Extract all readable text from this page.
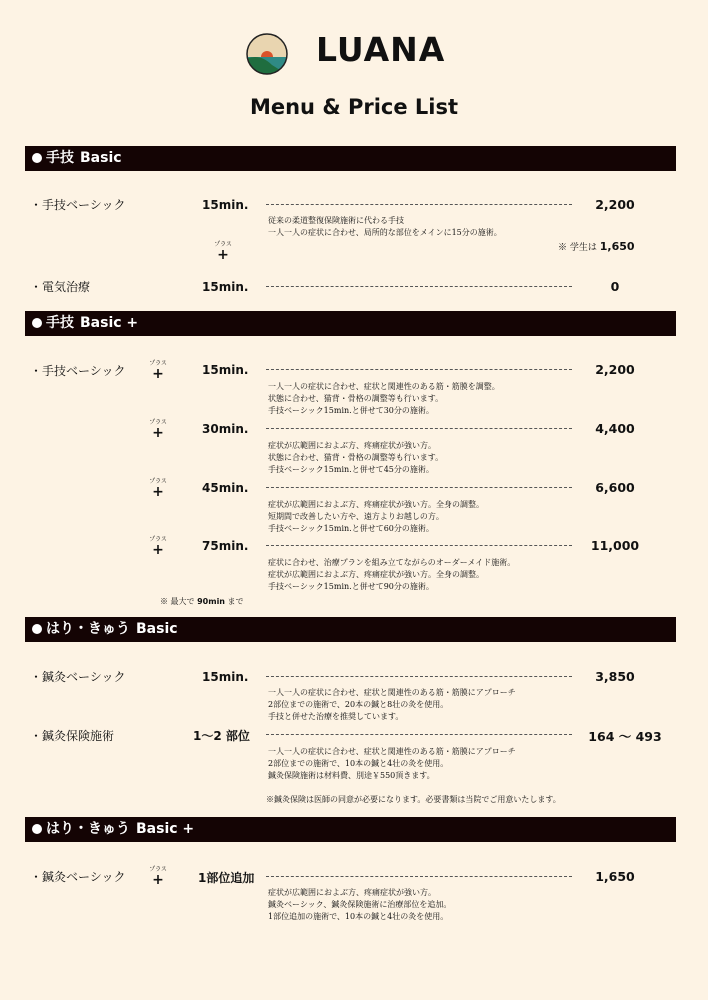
LUANA
Menu & Price List
手技 Basic
・手技ベーシック	15min.	2,200
従来の柔道整復保険施術に代わる手技
一人一人の症状に合わせ、局所的な部位をメインに15分の施術。
プラス
+	※ 学生は 1,650
・電気治療	15min.	0
手技 Basic +
・手技ベーシック
プラス
+	15min.	2,200
一人一人の症状に合わせ、症状と関連性のある筋・筋膜を調整。
状態に合わせ、猫背・骨格の調整等も行います。
手技ベーシック15min.と併せて30分の施術。
プラス
+	30min.	4,400
症状が広範囲におよぶ方、疼痛症状が強い方。
状態に合わせ、猫背・骨格の調整等も行います。
手技ベーシック15min.と併せて45分の施術。
プラス
+	45min.	6,600
症状が広範囲におよぶ方、疼痛症状が強い方。全身の調整。
短期間で改善したい方や、遠方よりお越しの方。
手技ベーシック15min.と併せて60分の施術。
プラス
+	75min.	11,000
症状に合わせ、治療プランを組み立てながらのオーダーメイド施術。
症状が広範囲におよぶ方、疼痛症状が強い方。全身の調整。
手技ベーシック15min.と併せて90分の施術。
※ 最大で 90min まで
はり・きゅう Basic
・鍼灸ベーシック	15min.	3,850
一人一人の症状に合わせ、症状と関連性のある筋・筋膜にアプローチ
2部位までの施術で、20本の鍼と8壮の灸を使用。
手技と併せた治療を推奨しています。
・鍼灸保険施術	1〜2 部位	164 〜 493
一人一人の症状に合わせ、症状と関連性のある筋・筋膜にアプローチ
2部位までの施術で、10本の鍼と4壮の灸を使用。
鍼灸保険施術は材料費、別途￥550頂きます。
※鍼灸保険は医師の同意が必要になります。必要書類は当院でご用意いたします。
はり・きゅう Basic +
・鍼灸ベーシック
プラス
+	1部位追加	1,650
症状が広範囲におよぶ方、疼痛症状が強い方。
鍼灸ベーシック、鍼灸保険施術に治療部位を追加。
1部位追加の施術で、10本の鍼と4壮の灸を使用。
